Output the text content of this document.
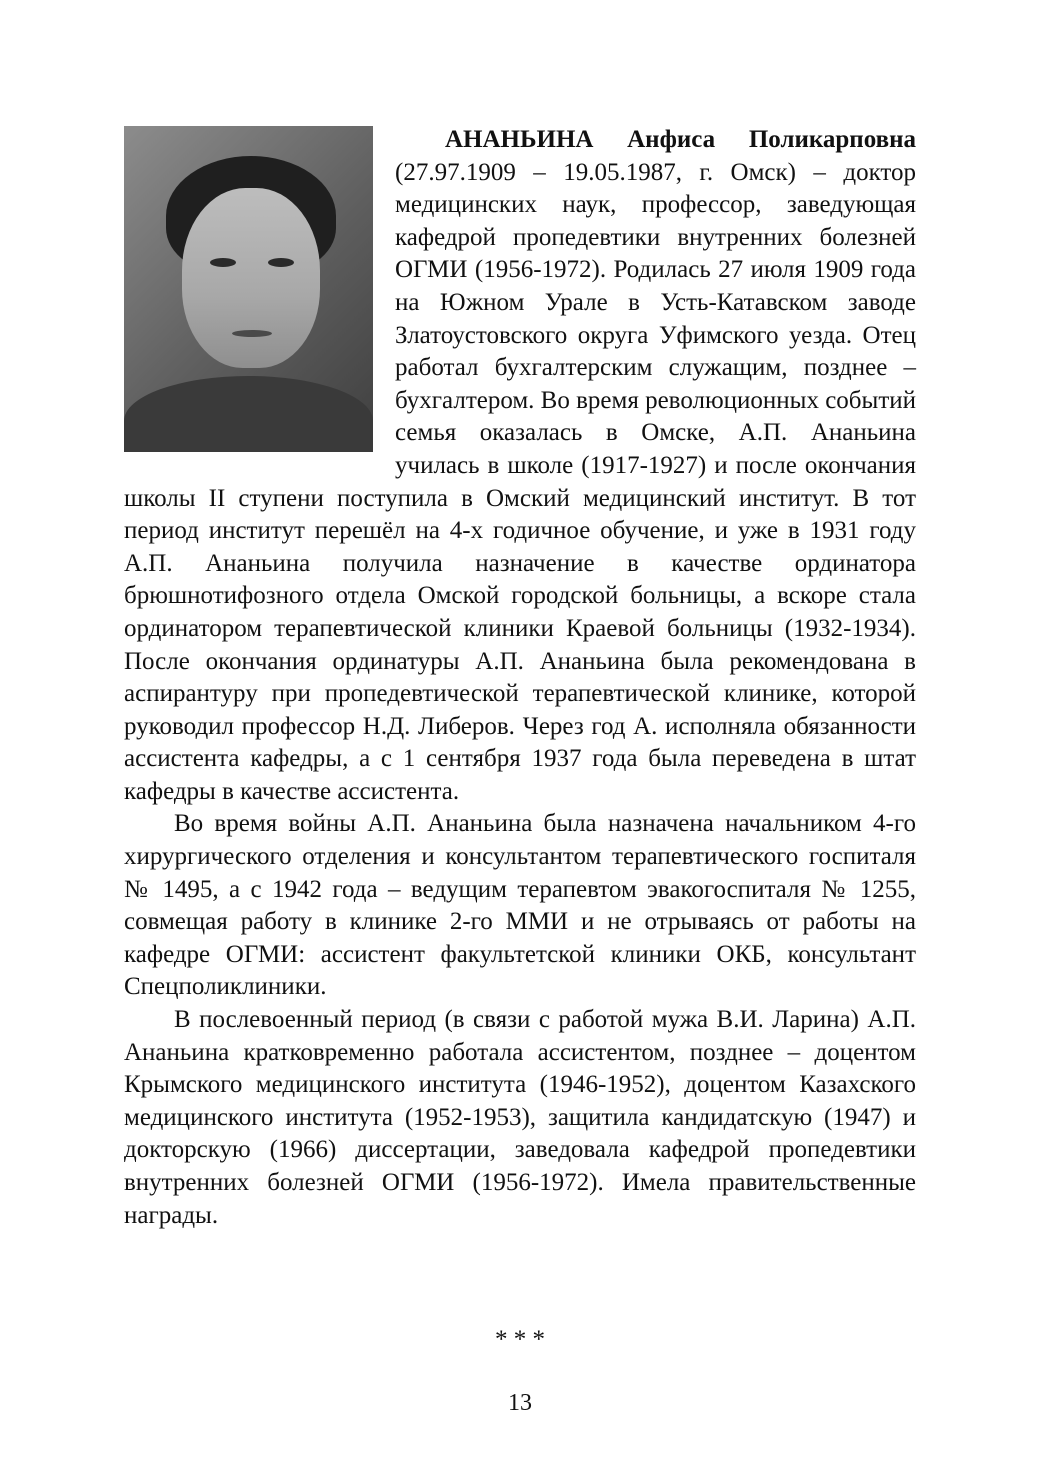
АНАНЬИНА Анфиса Поликарповна (27.97.1909 – 19.05.1987, г. Омск) – доктор медицинских наук, профессор, заведующая кафедрой пропедевтики внутренних болезней ОГМИ (1956-1972). Родилась 27 июля 1909 года на Южном Урале в Усть-Катавском заводе Златоустовского округа Уфимского уезда. Отец работал бухгалтерским служащим, позднее – бухгалтером. Во время революционных событий семья оказалась в Омске, А.П. Ананьина училась в школе (1917-1927) и после окончания школы II ступени поступила в Омский медицинский институт. В тот период институт перешёл на 4-х годичное обучение, и уже в 1931 году А.П. Ананьина получила назначение в качестве ординатора брюшнотифозного отдела Омской городской больницы, а вскоре стала ординатором терапевтической клиники Краевой больницы (1932-1934). После окончания ординатуры А.П. Ананьина была рекомендована в аспирантуру при пропедевтической терапевтической клинике, которой руководил профессор Н.Д. Либеров. Через год А. исполняла обязанности ассистента кафедры, а с 1 сентября 1937 года была переведена в штат кафедры в качестве ассистента.

Во время войны А.П. Ананьина была назначена начальником 4-го хирургического отделения и консультантом терапевтического госпиталя № 1495, а с 1942 года – ведущим терапевтом эвакогоспиталя № 1255, совмещая работу в клинике 2-го ММИ и не отрываясь от работы на кафедре ОГМИ: ассистент факультетской клиники ОКБ, консультант Спецполиклиники.

В послевоенный период (в связи с работой мужа В.И. Ларина) А.П. Ананьина кратковременно работала ассистентом, позднее – доцентом Крымского медицинского института (1946-1952), доцентом Казахского медицинского института (1952-1953), защитила кандидатскую (1947) и докторскую (1966) диссертации, заведовала кафедрой пропедевтики внутренних болезней ОГМИ (1956-1972). Имела правительственные награды.

* * *
13
